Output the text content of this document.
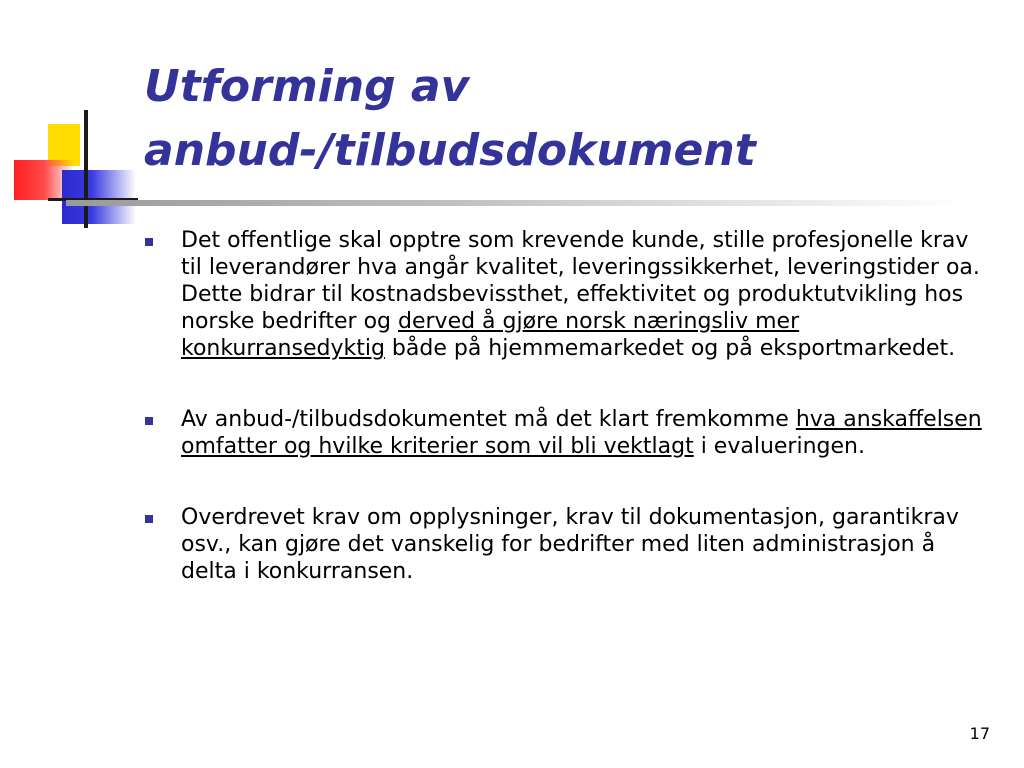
Utforming av
anbud-/tilbudsdokument
Det offentlige skal opptre som krevende kunde, stille profesjonelle krav til leverandører hva angår kvalitet, leveringssikkerhet, leveringstider oa. Dette bidrar til kostnadsbevissthet, effektivitet og produktutvikling hos norske bedrifter og derved å gjøre norsk næringsliv mer konkurransedyktig både på hjemmemarkedet og på eksportmarkedet.
Av anbud-/tilbudsdokumentet må det klart fremkomme hva anskaffelsen omfatter og hvilke kriterier som vil bli vektlagt i evalueringen.
Overdrevet krav om opplysninger, krav til dokumentasjon, garantikrav osv., kan gjøre det vanskelig for bedrifter med liten administrasjon å delta i konkurransen.
17
